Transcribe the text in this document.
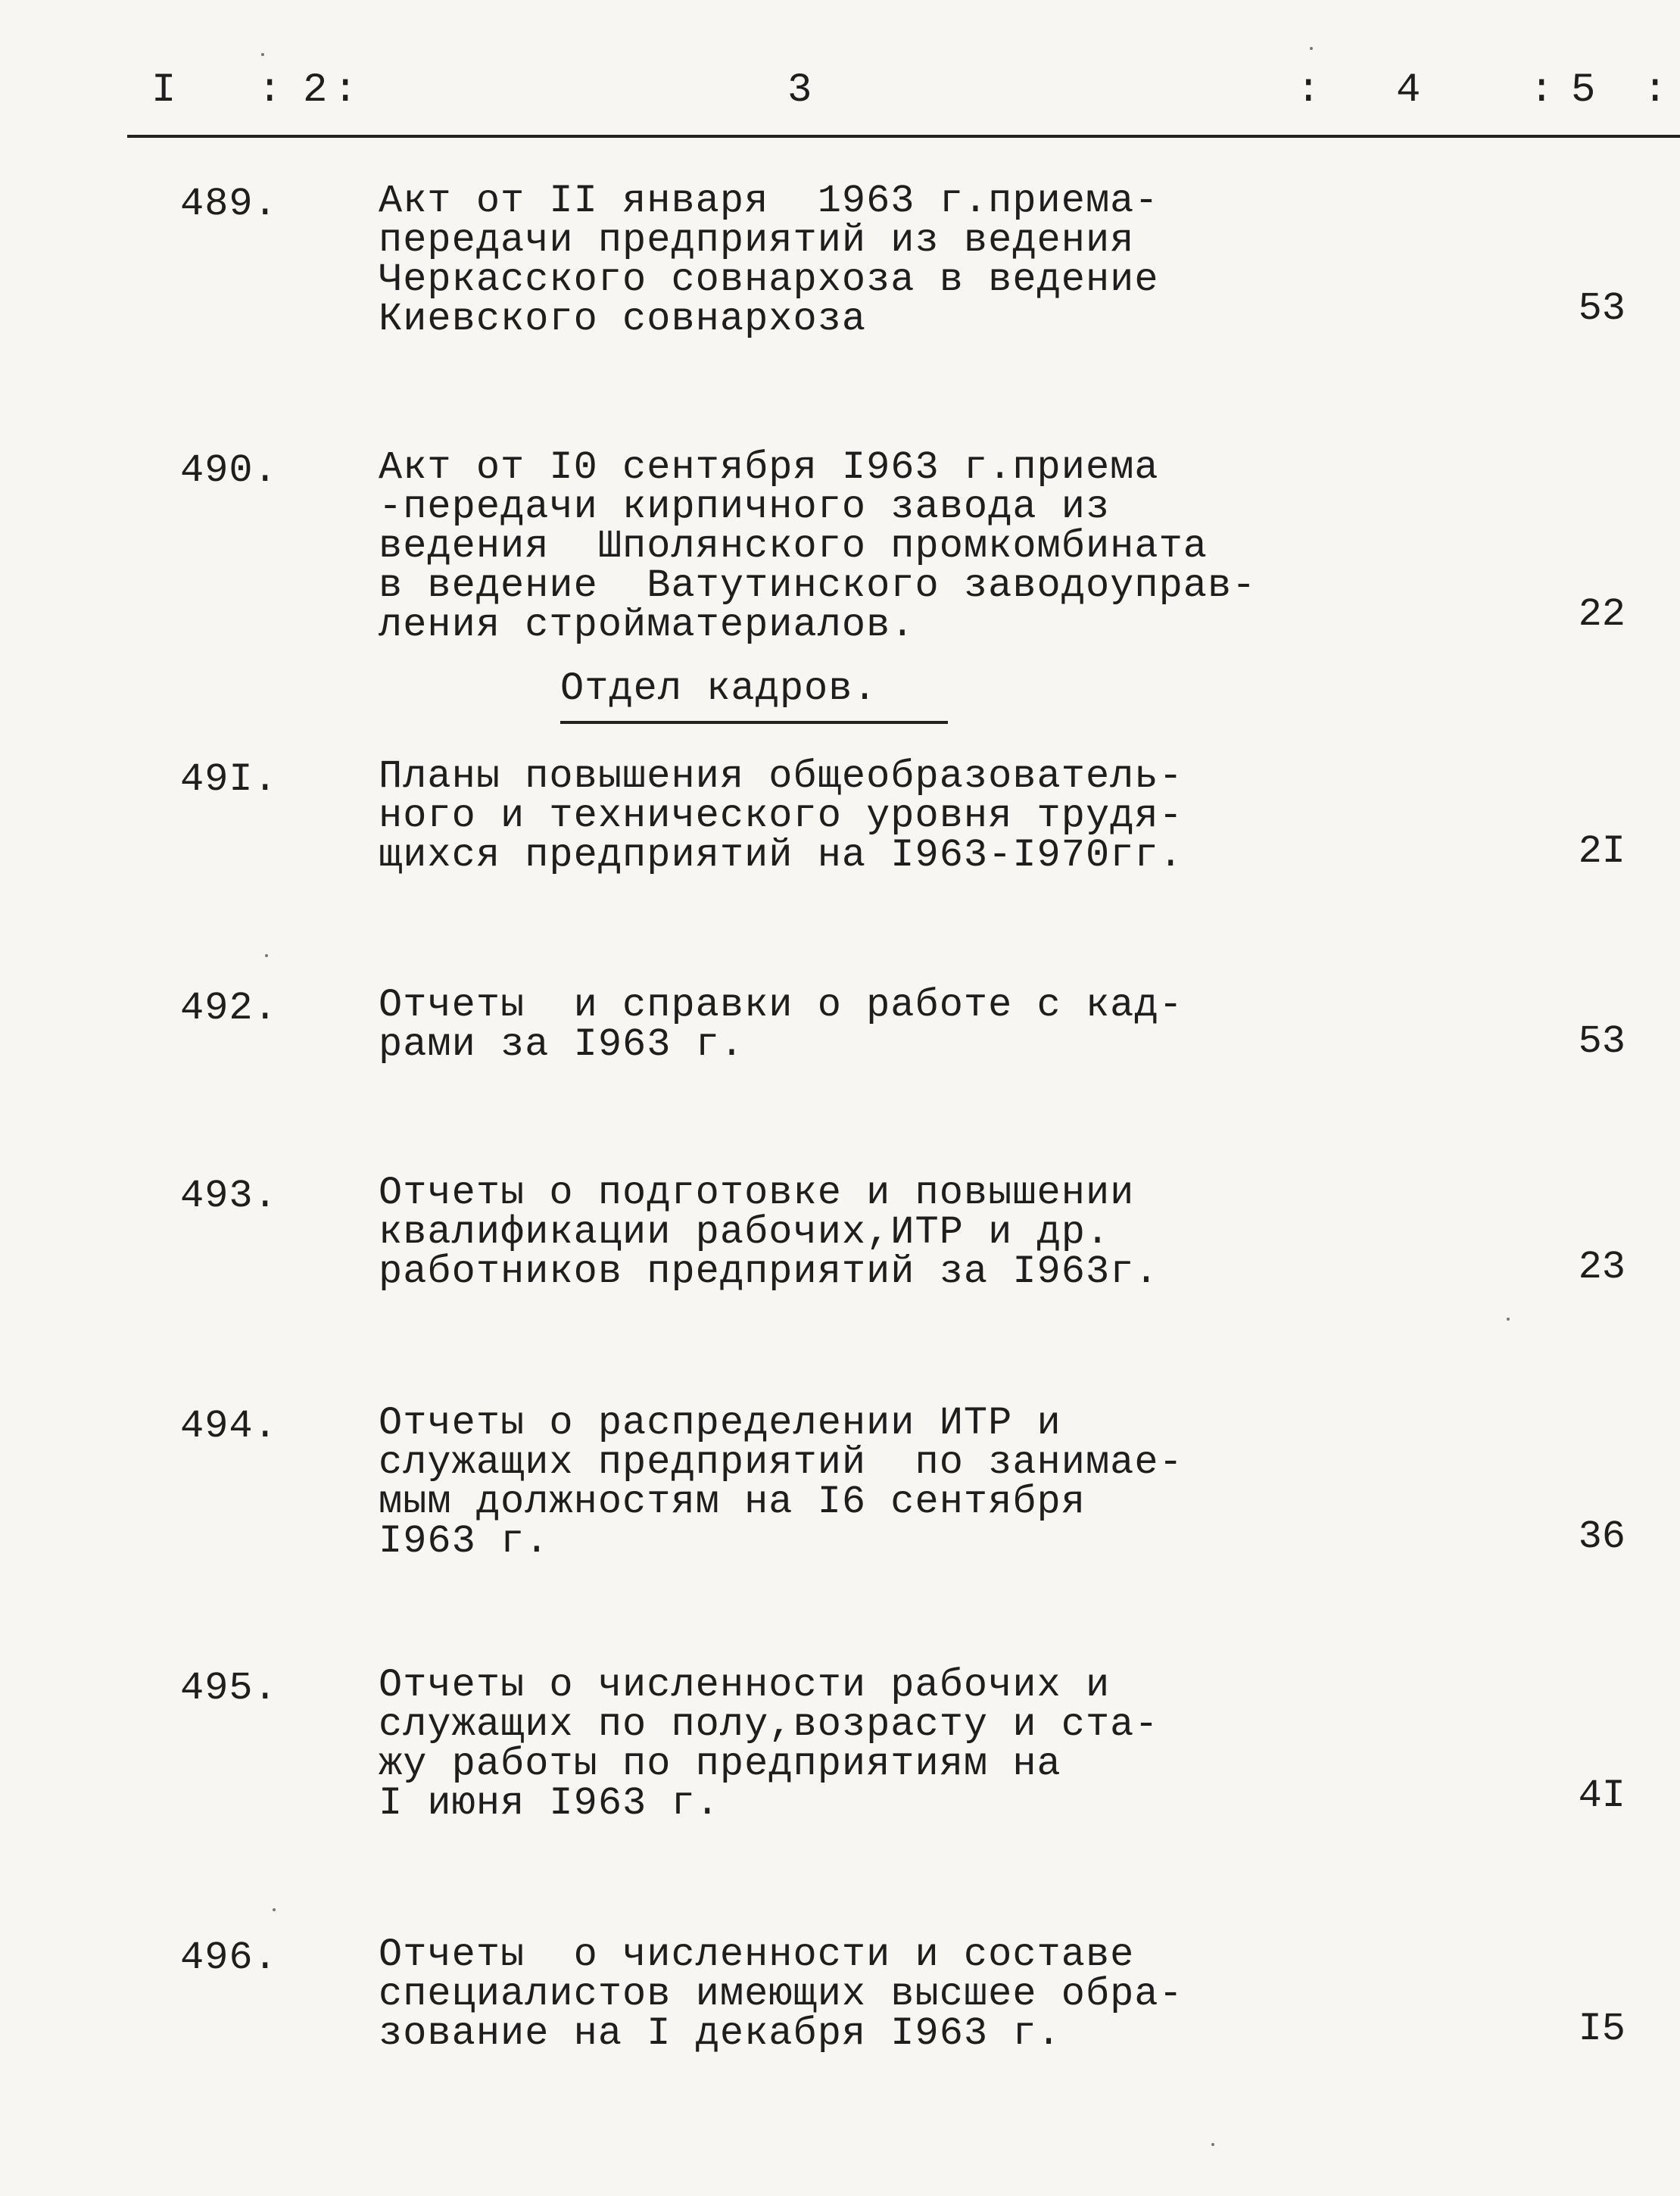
I : 2 :	3	: 4	: 5 :
489.	Акт от II января  1963 г.приема-
передачи предприятий из ведения
Черкасского совнархоза в ведение
Киевского совнархоза	53
490.	Акт от I0 сентября I963 г.приема
-передачи кирпичного завода из
ведения  Шполянского промкомбината
в ведение  Ватутинского заводоуправ-
ления стройматериалов.	22
Отдел кадров.
49I.	Планы повышения общеобразователь-
ного и технического уровня трудя-
щихся предприятий на I963-I970гг.	2I
492.	Отчеты  и справки о работе с кад-
рами за I963 г.	53
493.	Отчеты о подготовке и повышении
квалификации рабочих,ИТР и др.
работников предприятий за I963г.	23
494.	Отчеты о распределении ИТР и
служащих предприятий  по занимае-
мым должностям на I6 сентября
I963 г.	36
495.	Отчеты о численности рабочих и
служащих по полу,возрасту и ста-
жу работы по предприятиям на
I июня I963 г.	4I
496.	Отчеты  о численности и составе
специалистов имеющих высшее обра-
зование на I декабря I963 г.	I5
